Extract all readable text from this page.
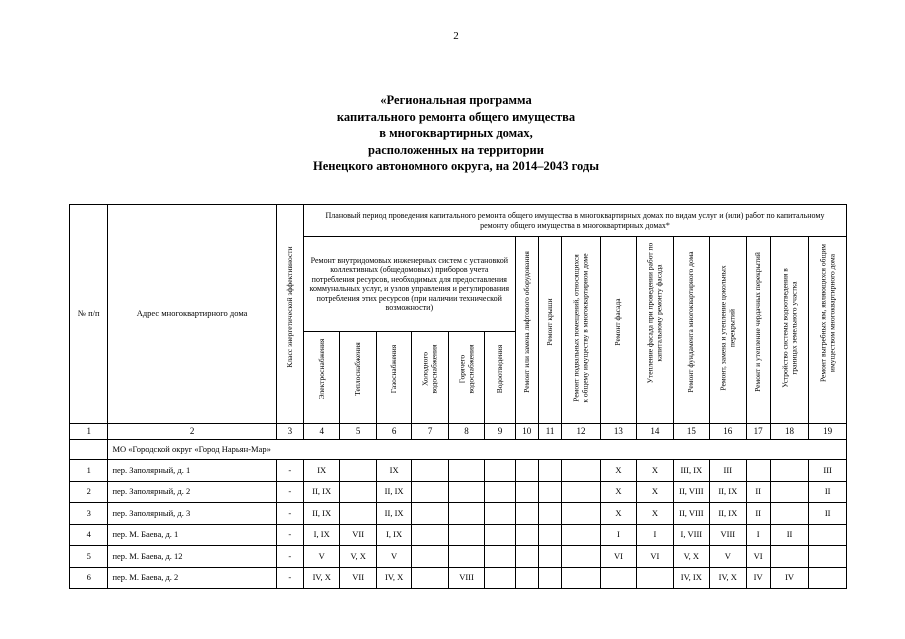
2
«Региональная программа
капитального ремонта общего имущества
в многоквартирных домах,
расположенных на территории
Ненецкого автономного округа, на 2014–2043 годы
№ п/п	Адрес многоквартирного дома	Класс энергетической эффективности	Плановый период проведения капитального ремонта общего имущества в многоквартирных домах по видам услуг и (или) работ по капитальному ремонту общего имущества в многоквартирных домах*															
			Ремонт внутридомовых инженерных систем с установкой коллективных (общедомовых) приборов учета потребления ресурсов, необходимых для предоставления коммунальных услуг, и узлов управления и регулирования потребления этих ресурсов (при наличии технической возможности)						Ремонт или замена лифтового оборудования	Ремонт крыши	Ремонт подвальных помещений, относящихся к общему имуществу в многоквартирном доме	Ремонт фасада	Утепление фасада при проведении работ по капитальному ремонту фасада	Ремонт фундамента многоквартирного дома	Ремонт, замена и утепление цокольных перекрытий	Ремонт и утепление чердачных перекрытий	Устройство системы водоотведения в границах земельного участка	Ремонт выгребных ям, являющихся общим имуществом многоквартирного дома

			Электроснабжения	Теплоснабжения	Газоснабжения	Холодного водоснабжения	Горячего водоснабжения	Водоотведения										

1	2	3	4	5	6	7	8	9	10	11	12	13	14	15	16	17	18	19
	МО «Городской округ «Город Нарьян-Мар»																	
1	пер. Заполярный, д. 1	-	IX		IX							X	X	III, IX	III			III
2	пер. Заполярный, д. 2	-	II, IX		II, IX							X	X	II, VIII	II, IX	II		II
3	пер. Заполярный, д. 3	-	II, IX		II, IX							X	X	II, VIII	II, IX	II		II
4	пер. М. Баева, д. 1	-	I, IX	VII	I, IX							I	I	I, VIII	VIII	I	II	
5	пер. М. Баева, д. 12	-	V	V, X	V							VI	VI	V, X	V	VI		
6	пер. М. Баева, д. 2	-	IV, X	VII	IV, X		VIII							IV, IX	IV, X	IV	IV	
